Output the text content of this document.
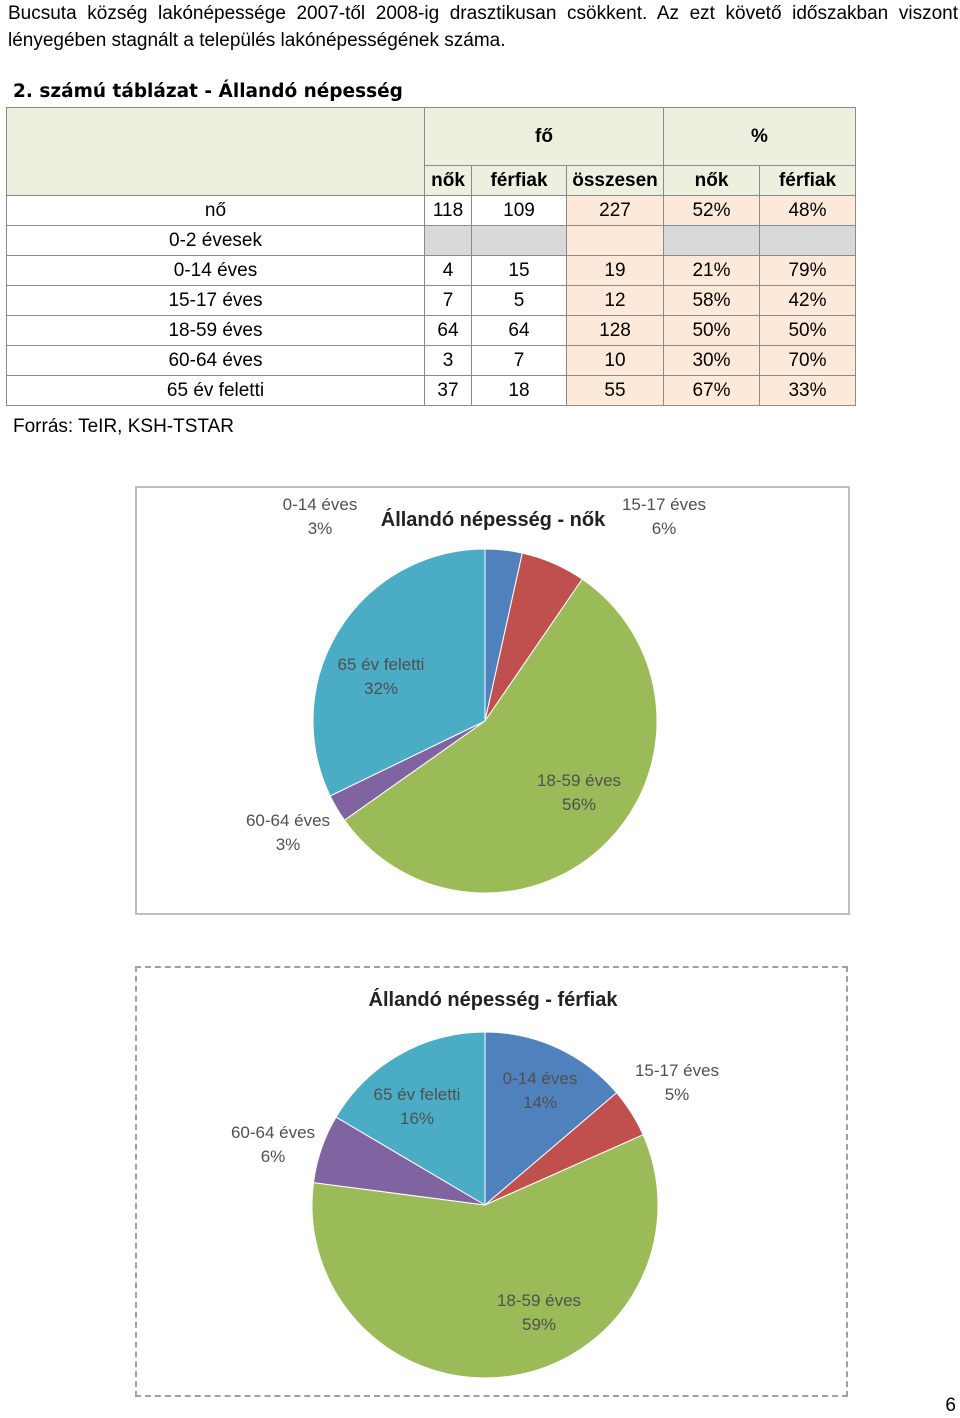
Bucsuta község lakónépessége 2007-től 2008-ig drasztikusan csökkent. Az ezt követő időszakban viszont lényegében stagnált a település lakónépességének száma.
2. számú táblázat - Állandó népesség
	fő			%	
	nők	férfiak	összesen	nők	férfiak
nő	118	109	227	52%	48%
0-2 évesek					
0-14 éves	4	15	19	21%	79%
15-17 éves	7	5	12	58%	42%
18-59 éves	64	64	128	50%	50%
60-64 éves	3	7	10	30%	70%
65 év feletti	37	18	55	67%	33%
Forrás: TeIR, KSH-TSTAR
Állandó népesség - nők
0-14 éves 3%
15-17 éves 6%
18-59 éves 56%
60-64 éves 3%
65 év feletti 32%
Állandó népesség - férfiak
0-14 éves 14%
15-17 éves 5%
18-59 éves 59%
60-64 éves 6%
65 év feletti 16%
6
